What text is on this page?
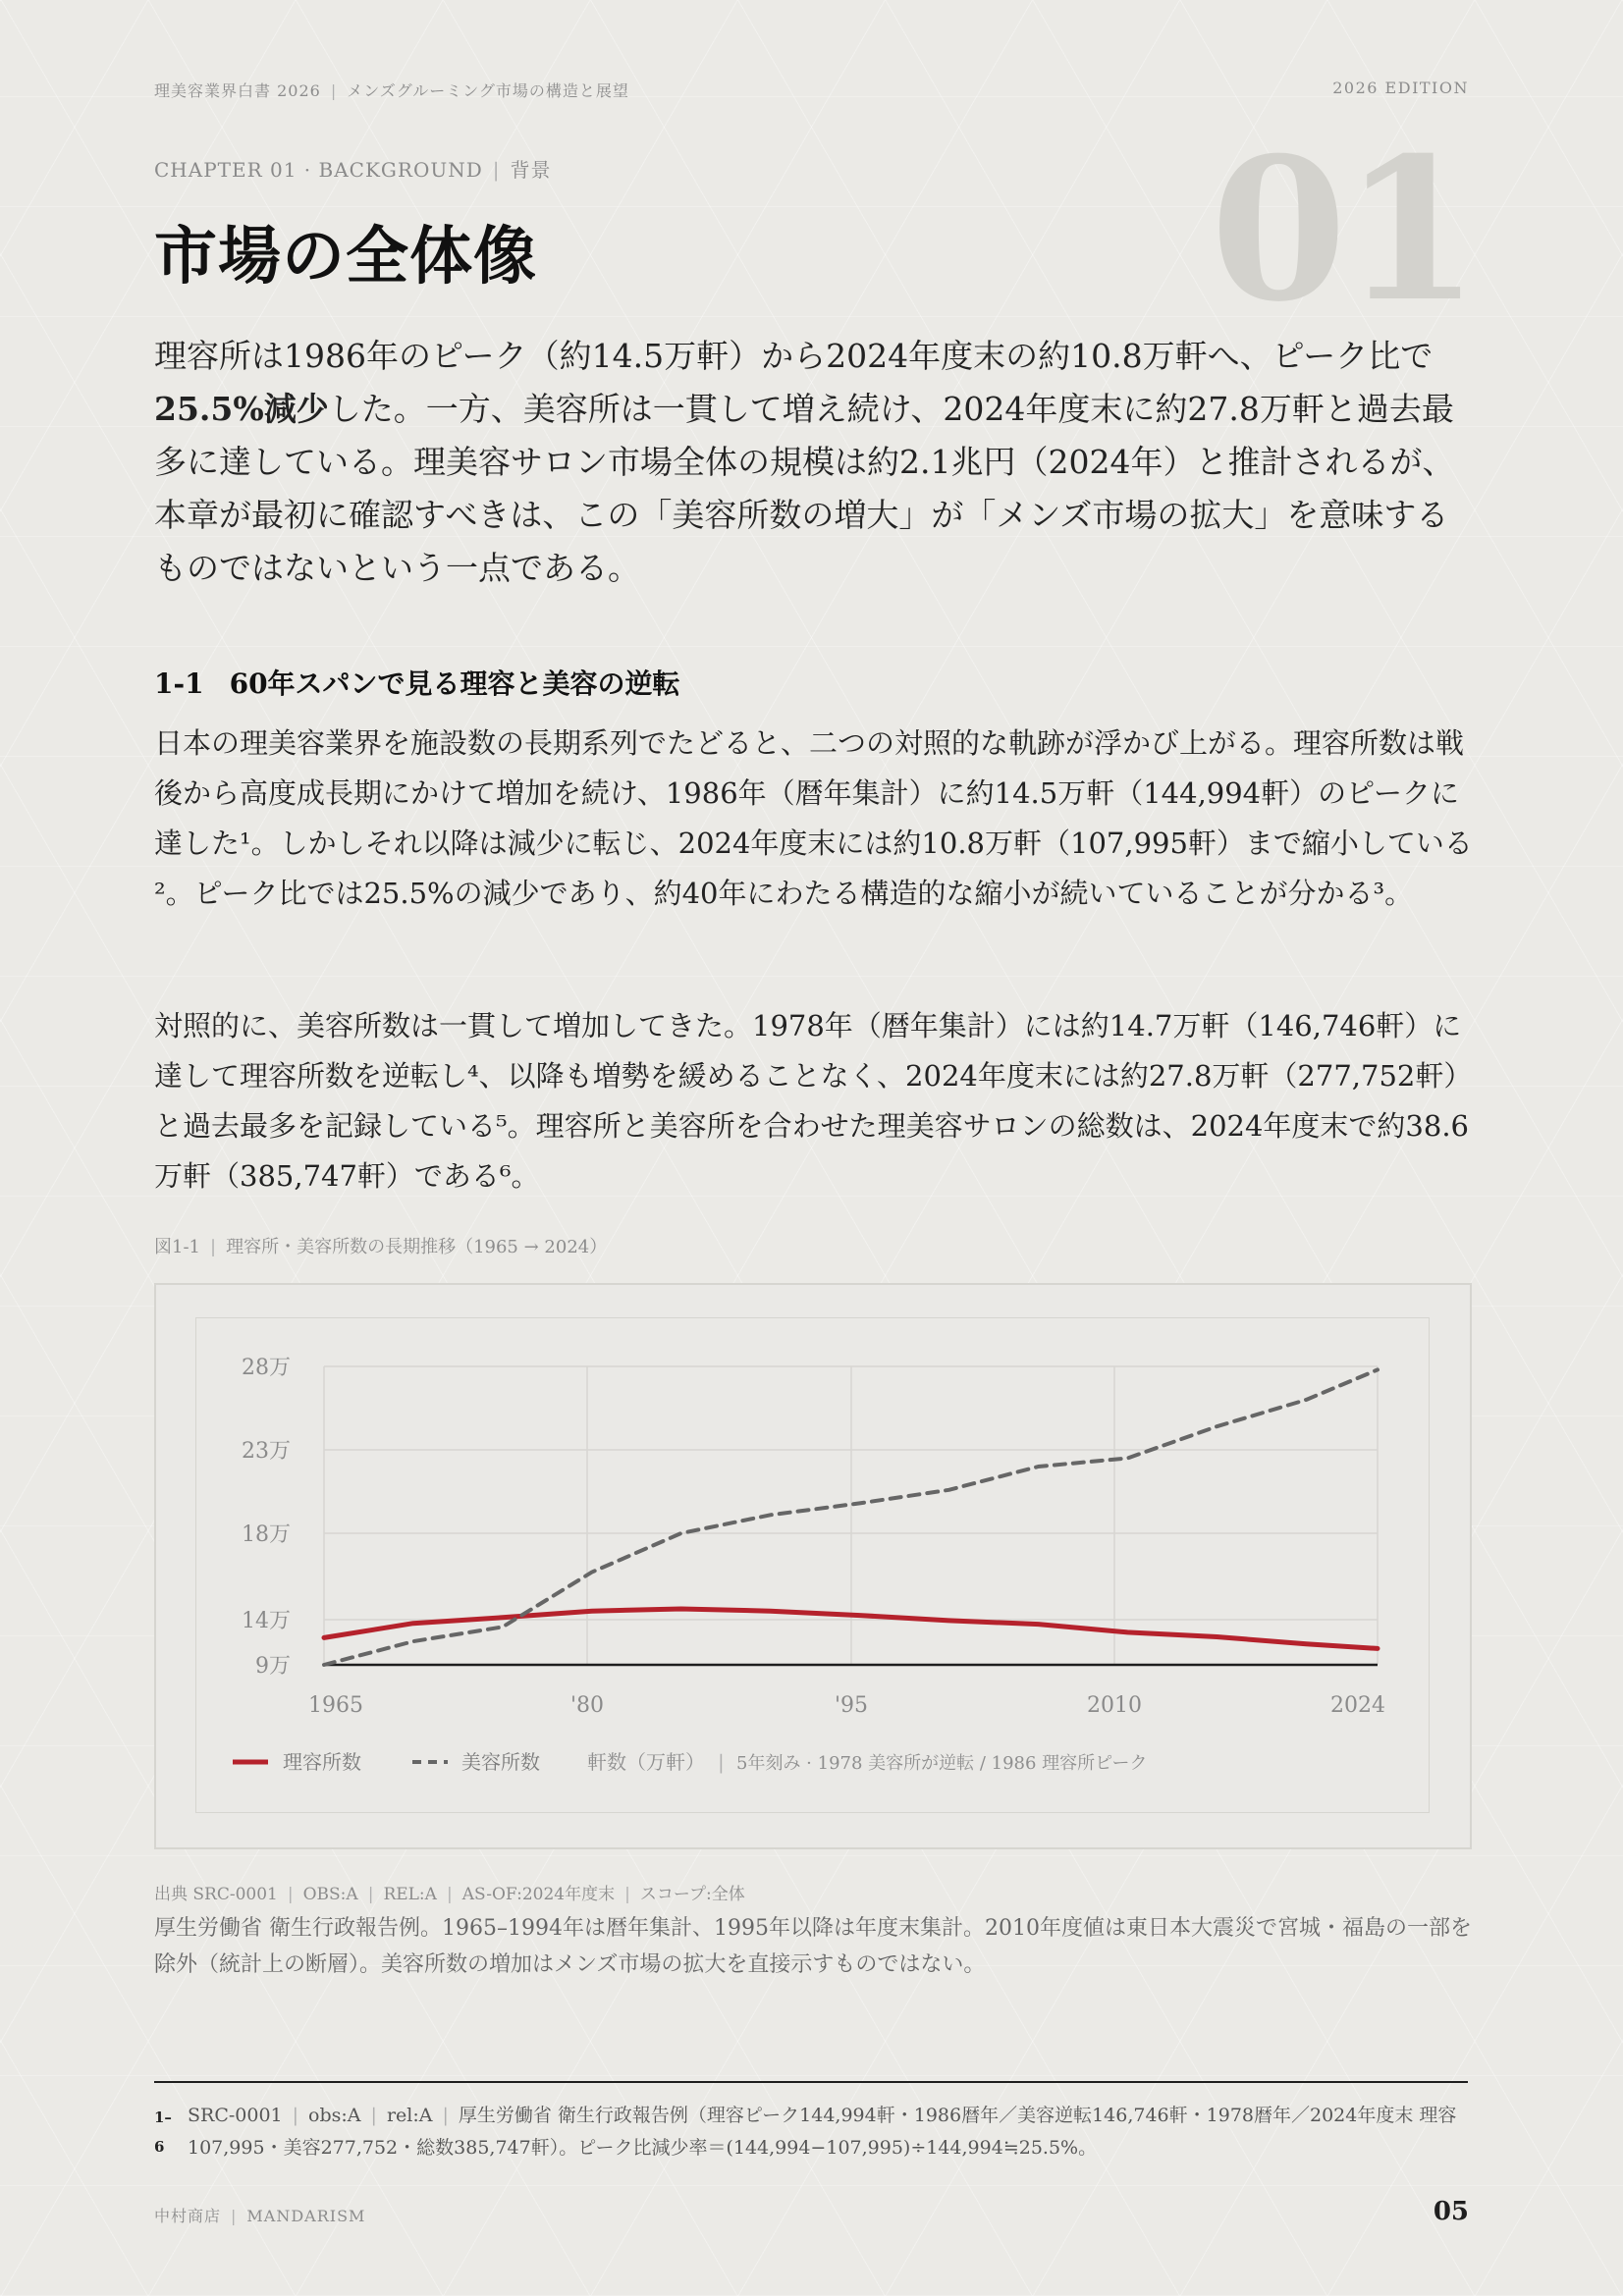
理美容業界白書 2026 | メンズグルーミング市場の構造と展望	2026 EDITION
01
CHAPTER 01 · BACKGROUND | 背景
市場の全体像
理容所は1986年のピーク（約14.5万軒）から2024年度末の約10.8万軒へ、ピーク比で25.5%減少した。一方、美容所は一貫して増え続け、2024年度末に約27.8万軒と過去最多に達している。理美容サロン市場全体の規模は約2.1兆円（2024年）と推計されるが、本章が最初に確認すべきは、この「美容所数の増大」が「メンズ市場の拡大」を意味するものではないという一点である。
1-1 60年スパンで見る理容と美容の逆転
日本の理美容業界を施設数の長期系列でたどると、二つの対照的な軌跡が浮かび上がる。理容所数は戦後から高度成長期にかけて増加を続け、1986年（暦年集計）に約14.5万軒（144,994軒）のピークに達した¹。しかしそれ以降は減少に転じ、2024年度末には約10.8万軒（107,995軒）まで縮小している²。ピーク比では25.5%の減少であり、約40年にわたる構造的な縮小が続いていることが分かる³。
対照的に、美容所数は一貫して増加してきた。1978年（暦年集計）には約14.7万軒（146,746軒）に達して理容所数を逆転し⁴、以降も増勢を緩めることなく、2024年度末には約27.8万軒（277,752軒）と過去最多を記録している⁵。理容所と美容所を合わせた理美容サロンの総数は、2024年度末で約38.6万軒（385,747軒）である⁶。
図1-1 | 理容所・美容所数の長期推移（1965 → 2024）
28万
23万
18万
14万
9万
1965	'80	'95	2010	2024
理容所数	美容所数 軒数（万軒） | 5年刻み · 1978 美容所が逆転 / 1986 理容所ピーク
出典 SRC-0001 | OBS:A | REL:A | AS-OF:2024年度末 | スコープ:全体
厚生労働省 衛生行政報告例。1965–1994年は暦年集計、1995年以降は年度末集計。2010年度値は東日本大震災で宮城・福島の一部を除外（統計上の断層）。美容所数の増加はメンズ市場の拡大を直接示すものではない。
1–
6
SRC-0001 | obs:A | rel:A | 厚生労働省 衛生行政報告例（理容ピーク144,994軒・1986暦年／美容逆転146,746軒・1978暦年／2024年度末 理容107,995・美容277,752・総数385,747軒）。ピーク比減少率＝(144,994−107,995)÷144,994≒25.5%。
中村商店 | MANDARISM	05
